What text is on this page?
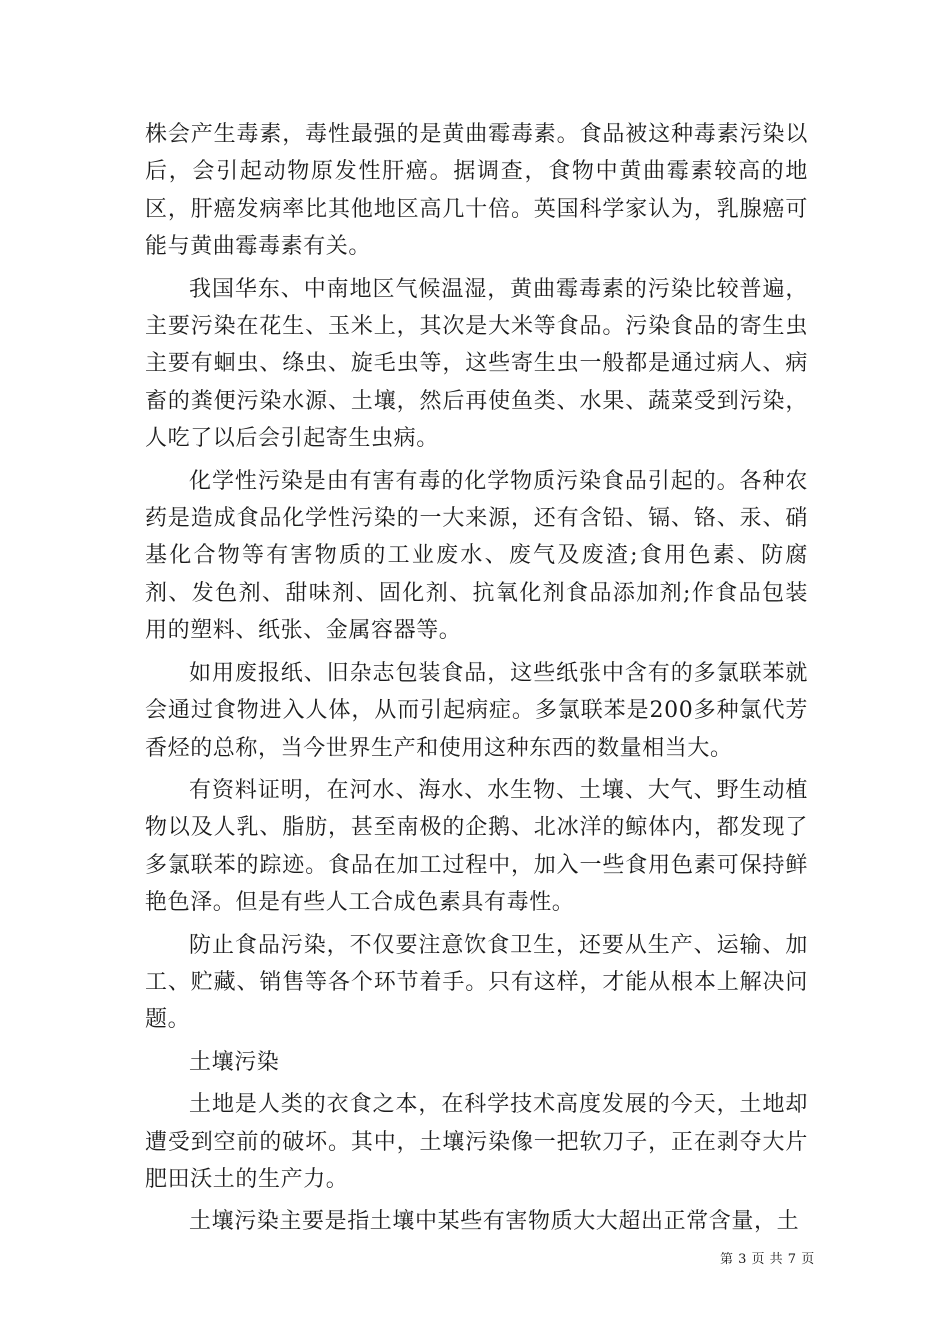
株会产生毒素，毒性最强的是黄曲霉毒素。食品被这种毒素污染以后，会引起动物原发性肝癌。据调查，食物中黄曲霉素较高的地区，肝癌发病率比其他地区高几十倍。英国科学家认为，乳腺癌可能与黄曲霉毒素有关。

我国华东、中南地区气候温湿，黄曲霉毒素的污染比较普遍，主要污染在花生、玉米上，其次是大米等食品。污染食品的寄生虫主要有蛔虫、绦虫、旋毛虫等，这些寄生虫一般都是通过病人、病畜的粪便污染水源、土壤，然后再使鱼类、水果、蔬菜受到污染，人吃了以后会引起寄生虫病。

化学性污染是由有害有毒的化学物质污染食品引起的。各种农药是造成食品化学性污染的一大来源，还有含铅、镉、铬、汞、硝基化合物等有害物质的工业废水、废气及废渣;食用色素、防腐剂、发色剂、甜味剂、固化剂、抗氧化剂食品添加剂;作食品包装用的塑料、纸张、金属容器等。

如用废报纸、旧杂志包装食品，这些纸张中含有的多氯联苯就会通过食物进入人体，从而引起病症。多氯联苯是200多种氯代芳香烃的总称，当今世界生产和使用这种东西的数量相当大。

有资料证明，在河水、海水、水生物、土壤、大气、野生动植物以及人乳、脂肪，甚至南极的企鹅、北冰洋的鲸体内，都发现了多氯联苯的踪迹。食品在加工过程中，加入一些食用色素可保持鲜艳色泽。但是有些人工合成色素具有毒性。

防止食品污染，不仅要注意饮食卫生，还要从生产、运输、加工、贮藏、销售等各个环节着手。只有这样，才能从根本上解决问题。

土壤污染

土地是人类的衣食之本，在科学技术高度发展的今天，土地却遭受到空前的破坏。其中，土壤污染像一把软刀子，正在剥夺大片肥田沃土的生产力。

土壤污染主要是指土壤中某些有害物质大大超出正常含量，土

第 3 页 共 7 页
